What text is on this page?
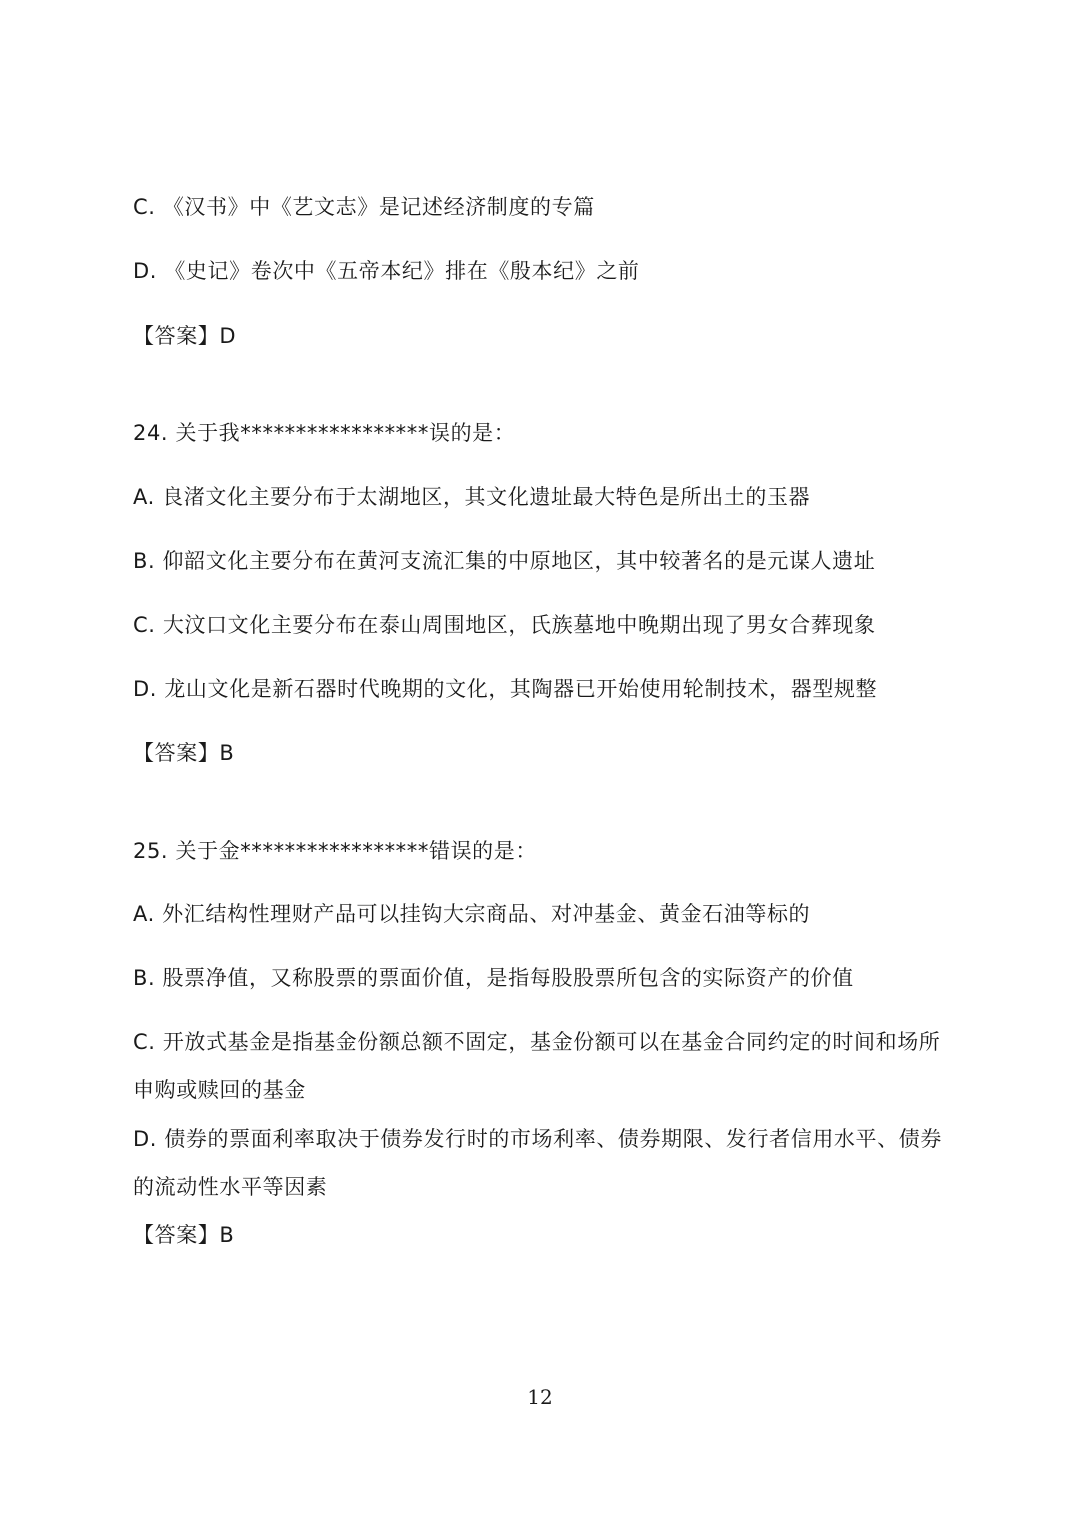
C. 《汉书》中《艺文志》是记述经济制度的专篇
D. 《史记》卷次中《五帝本纪》排在《殷本纪》之前
【答案】D
24. 关于我*****************误的是：
A. 良渚文化主要分布于太湖地区，其文化遗址最大特色是所出土的玉器
B. 仰韶文化主要分布在黄河支流汇集的中原地区，其中较著名的是元谋人遗址
C. 大汶口文化主要分布在泰山周围地区，氏族墓地中晚期出现了男女合葬现象
D. 龙山文化是新石器时代晚期的文化，其陶器已开始使用轮制技术，器型规整
【答案】B
25. 关于金*****************错误的是：
A. 外汇结构性理财产品可以挂钩大宗商品、对冲基金、黄金石油等标的
B. 股票净值，又称股票的票面价值，是指每股股票所包含的实际资产的价值
C. 开放式基金是指基金份额总额不固定，基金份额可以在基金合同约定的时间和场所
申购或赎回的基金
D. 债券的票面利率取决于债券发行时的市场利率、债券期限、发行者信用水平、债券
的流动性水平等因素
【答案】B
12
